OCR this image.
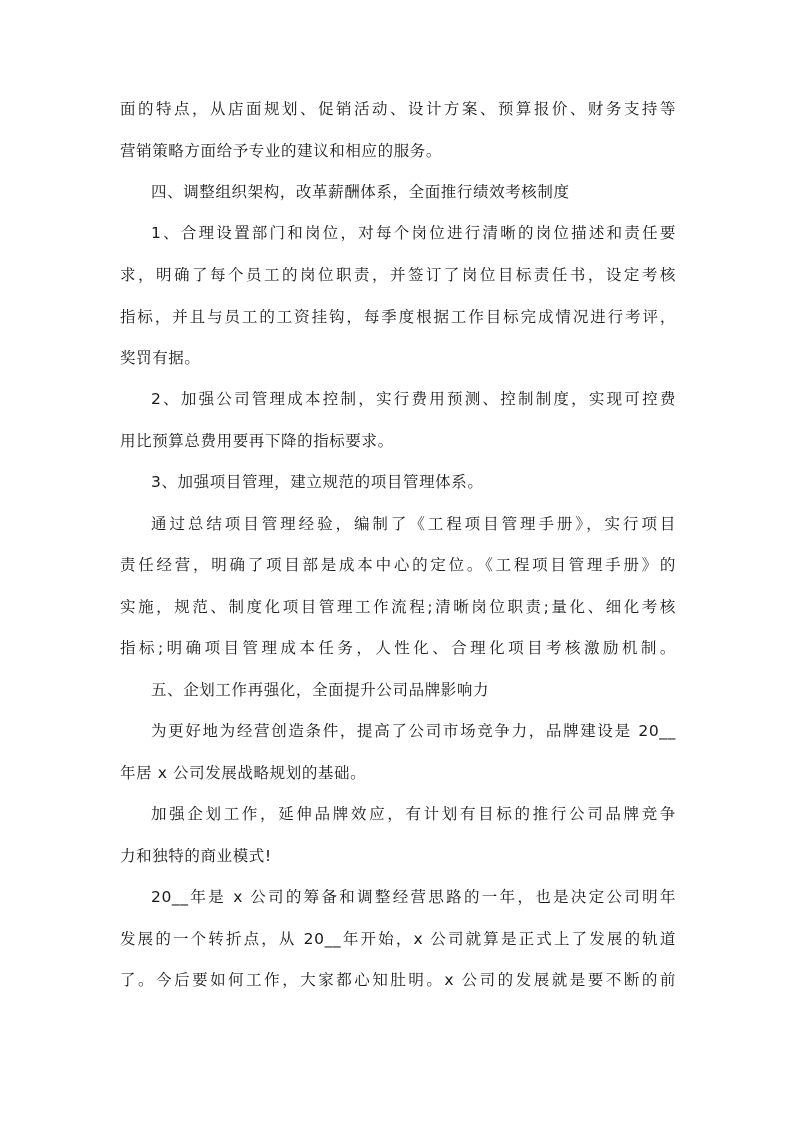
面的特点，从店面规划、促销活动、设计方案、预算报价、财务支持等
营销策略方面给予专业的建议和相应的服务。
四、调整组织架构，改革薪酬体系，全面推行绩效考核制度
1、合理设置部门和岗位，对每个岗位进行清晰的岗位描述和责任要
求，明确了每个员工的岗位职责，并签订了岗位目标责任书，设定考核
指标，并且与员工的工资挂钩，每季度根据工作目标完成情况进行考评，
奖罚有据。
2、加强公司管理成本控制，实行费用预测、控制制度，实现可控费
用比预算总费用要再下降的指标要求。
3、加强项目管理，建立规范的项目管理体系。
通过总结项目管理经验，编制了《工程项目管理手册》，实行项目
责任经营，明确了项目部是成本中心的定位。《工程项目管理手册》的
实施，规范、制度化项目管理工作流程;清晰岗位职责;量化、细化考核
指标;明确项目管理成本任务，人性化、合理化项目考核激励机制。
五、企划工作再强化，全面提升公司品牌影响力
为更好地为经营创造条件，提高了公司市场竞争力，品牌建设是 20__
年居 x 公司发展战略规划的基础。
加强企划工作，延伸品牌效应，有计划有目标的推行公司品牌竞争
力和独特的商业模式!
20__年是 x 公司的筹备和调整经营思路的一年，也是决定公司明年
发展的一个转折点，从 20__年开始，x 公司就算是正式上了发展的轨道
了。今后要如何工作，大家都心知肚明。x 公司的发展就是要不断的前
